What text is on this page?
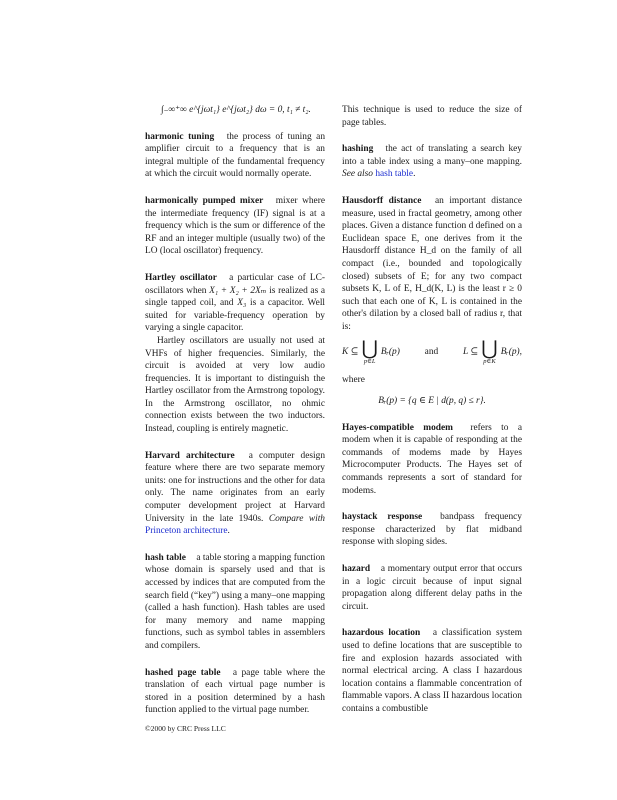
∫₋∞⁺∞ e^{jωt₁} e^{jωt₂} dω = 0, t₁ ≠ t₂.
harmonic tuning the process of tuning an amplifier circuit to a frequency that is an integral multiple of the fundamental frequency at which the circuit would normally operate.
harmonically pumped mixer mixer where the intermediate frequency (IF) signal is at a frequency which is the sum or difference of the RF and an integer multiple (usually two) of the LO (local oscillator) frequency.

Hartley oscillator a particular case of LC-oscillators when X₁ + X₂ + 2Xₘ is realized as a single tapped coil, and X₃ is a capacitor. Well suited for variable-frequency operation by varying a single capacitor.

Hartley oscillators are usually not used at VHFs of higher frequencies. Similarly, the circuit is avoided at very low audio frequencies. It is important to distinguish the Hartley oscillator from the Armstrong topology. In the Armstrong oscillator, no ohmic connection exists between the two inductors. Instead, coupling is entirely magnetic.

Harvard architecture a computer design feature where there are two separate memory units: one for instructions and the other for data only. The name originates from an early computer development project at Harvard University in the late 1940s. Compare with Princeton architecture.
hash table a table storing a mapping function whose domain is sparsely used and that is accessed by indices that are computed from the search field (“key”) using a many–one mapping (called a hash function). Hash tables are used for many memory and name mapping functions, such as symbol tables in assemblers and compilers.
hashed page table a page table where the translation of each virtual page number is stored in a position determined by a hash function applied to the virtual page number.
This technique is used to reduce the size of page tables.
hashing the act of translating a search key into a table index using a many–one mapping. See also hash table.
Hausdorff distance an important distance measure, used in fractal geometry, among other places. Given a distance function d defined on a Euclidean space E, one derives from it the Hausdorff distance H_d on the family of all compact (i.e., bounded and topologically closed) subsets of E; for any two compact subsets K, L of E, H_d(K, L) is the least r ≥ 0 such that each one of K, L is contained in the other's dilation by a closed ball of radius r, that is:
K ⊆ ⋃
p∈L
Bᵣ(p)	and	L ⊆ ⋃
p∈K
Bᵣ(p),
where
Bᵣ(p) = {q ∈ E | d(p, q) ≤ r}.
Hayes-compatible modem refers to a modem when it is capable of responding at the commands of modems made by Hayes Microcomputer Products. The Hayes set of commands represents a sort of standard for modems.
haystack response bandpass frequency response characterized by flat midband response with sloping sides.
hazard a momentary output error that occurs in a logic circuit because of input signal propagation along different delay paths in the circuit.
hazardous location a classification system used to define locations that are susceptible to fire and explosion hazards associated with normal electrical arcing. A class I hazardous location contains a flammable concentration of flammable vapors. A class II hazardous location contains a combustible
©2000 by CRC Press LLC
